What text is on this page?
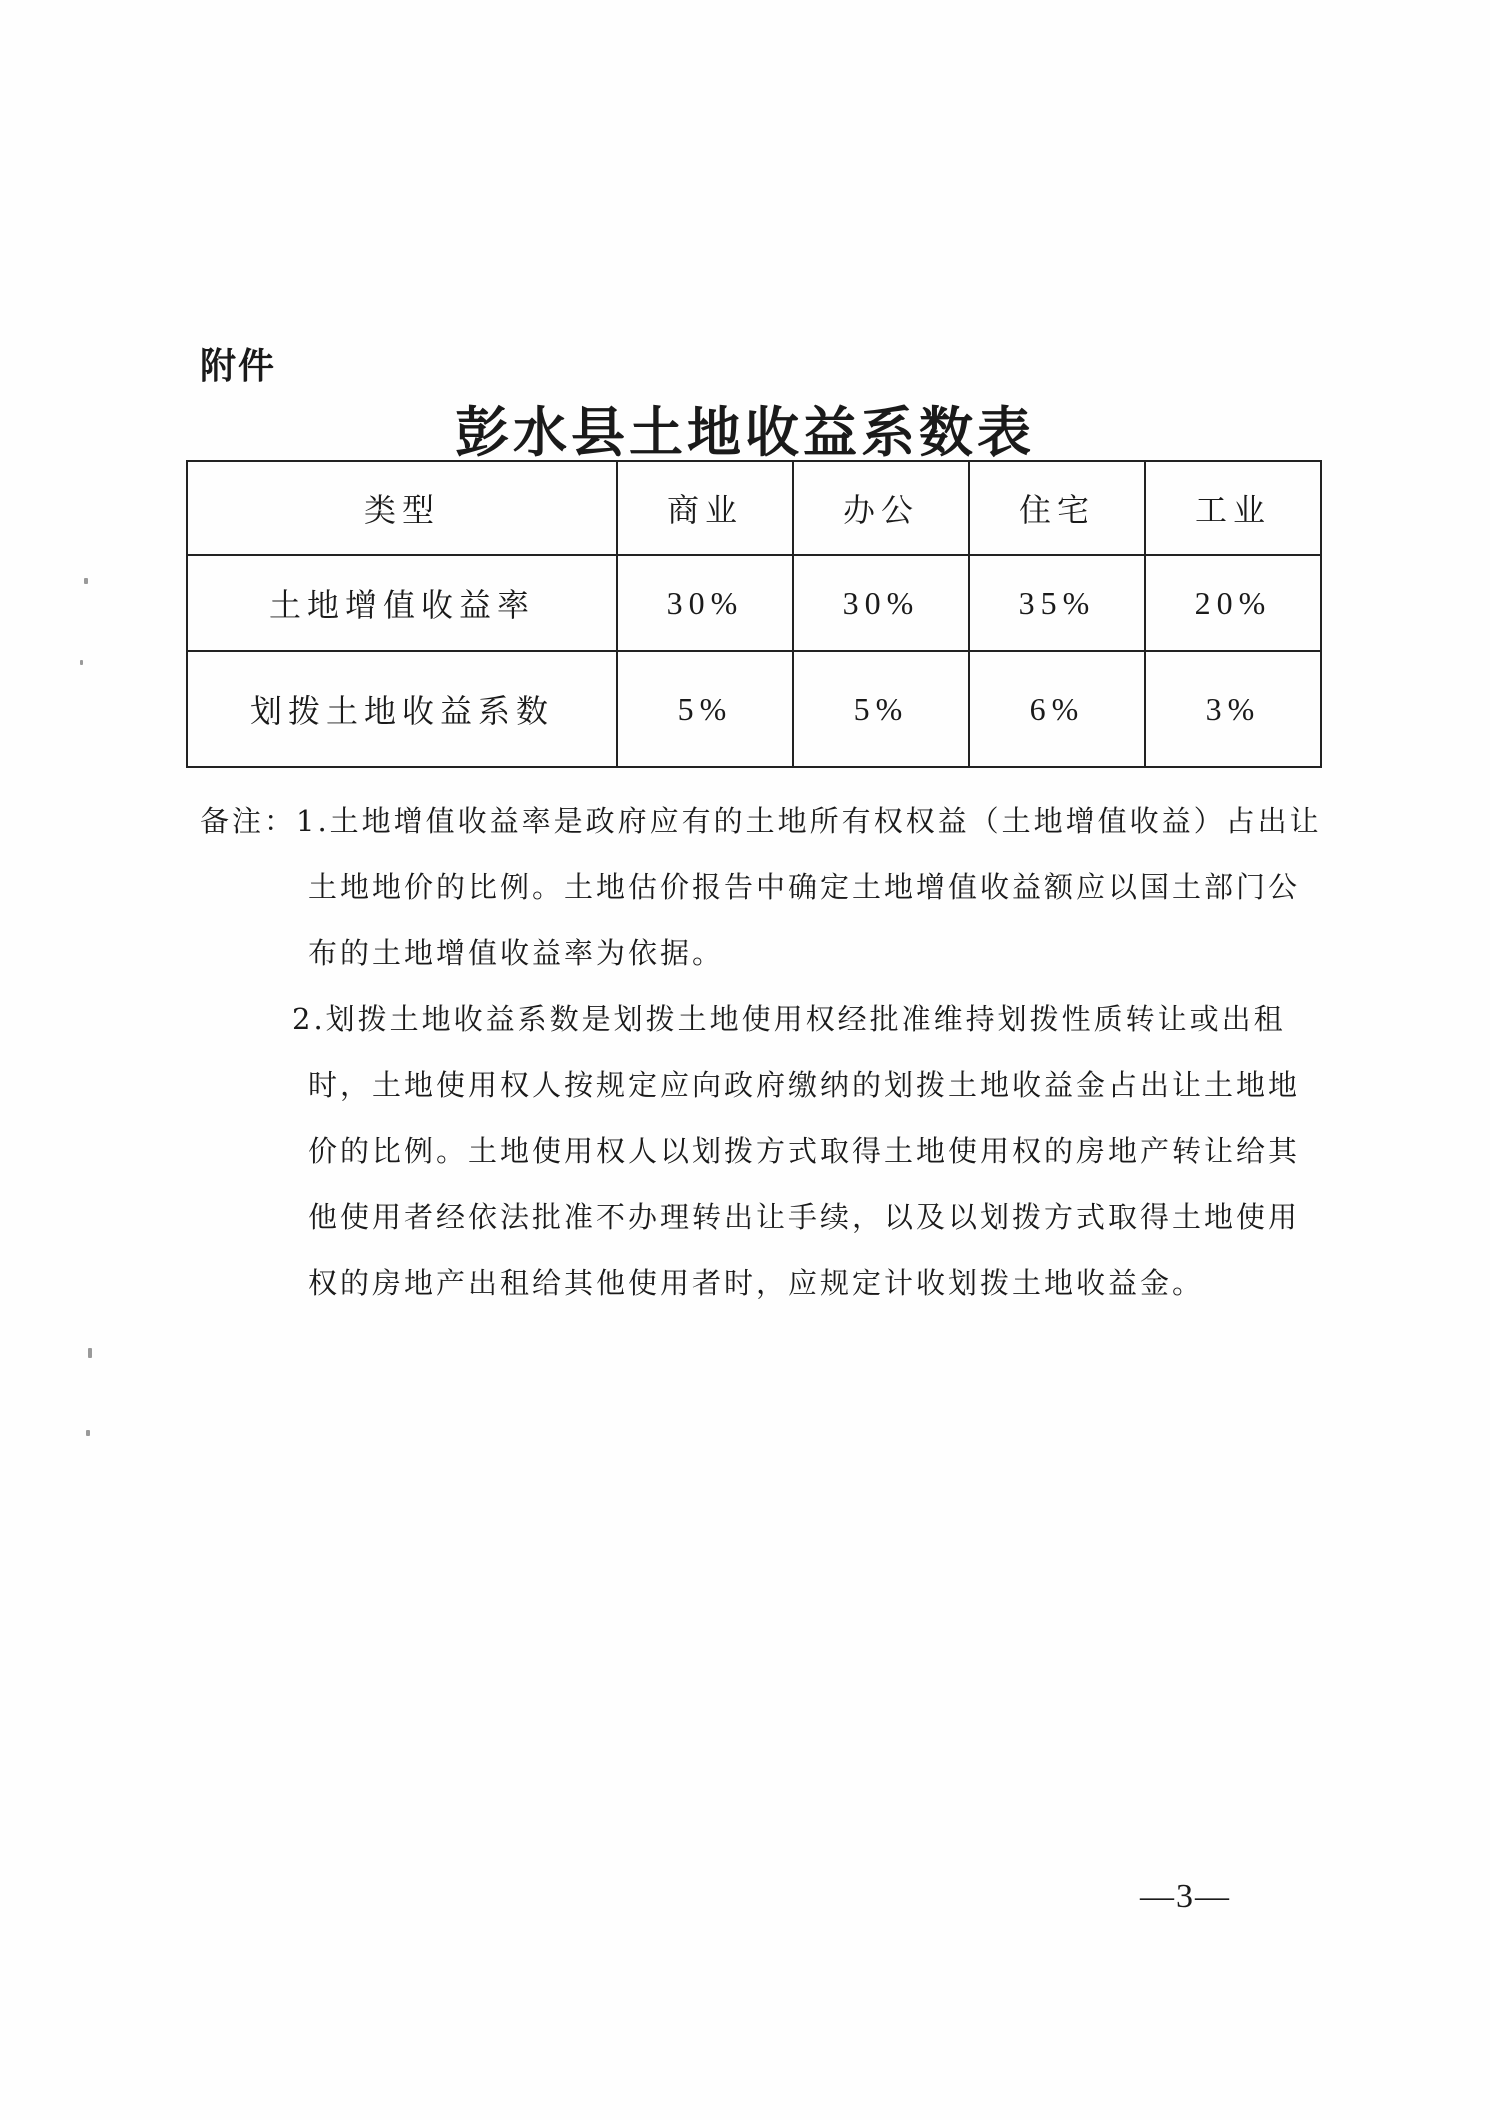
附件
彭水县土地收益系数表
类型	商业	办公	住宅	工业
土地增值收益率	30%	30%	35%	20%
划拨土地收益系数	5%	5%	6%	3%
备注：1.土地增值收益率是政府应有的土地所有权权益（土地增值收益）占出让
土地地价的比例。土地估价报告中确定土地增值收益额应以国土部门公
布的土地增值收益率为依据。
2.划拨土地收益系数是划拨土地使用权经批准维持划拨性质转让或出租
时，土地使用权人按规定应向政府缴纳的划拨土地收益金占出让土地地
价的比例。土地使用权人以划拨方式取得土地使用权的房地产转让给其
他使用者经依法批准不办理转出让手续，以及以划拨方式取得土地使用
权的房地产出租给其他使用者时，应规定计收划拨土地收益金。
—3—
